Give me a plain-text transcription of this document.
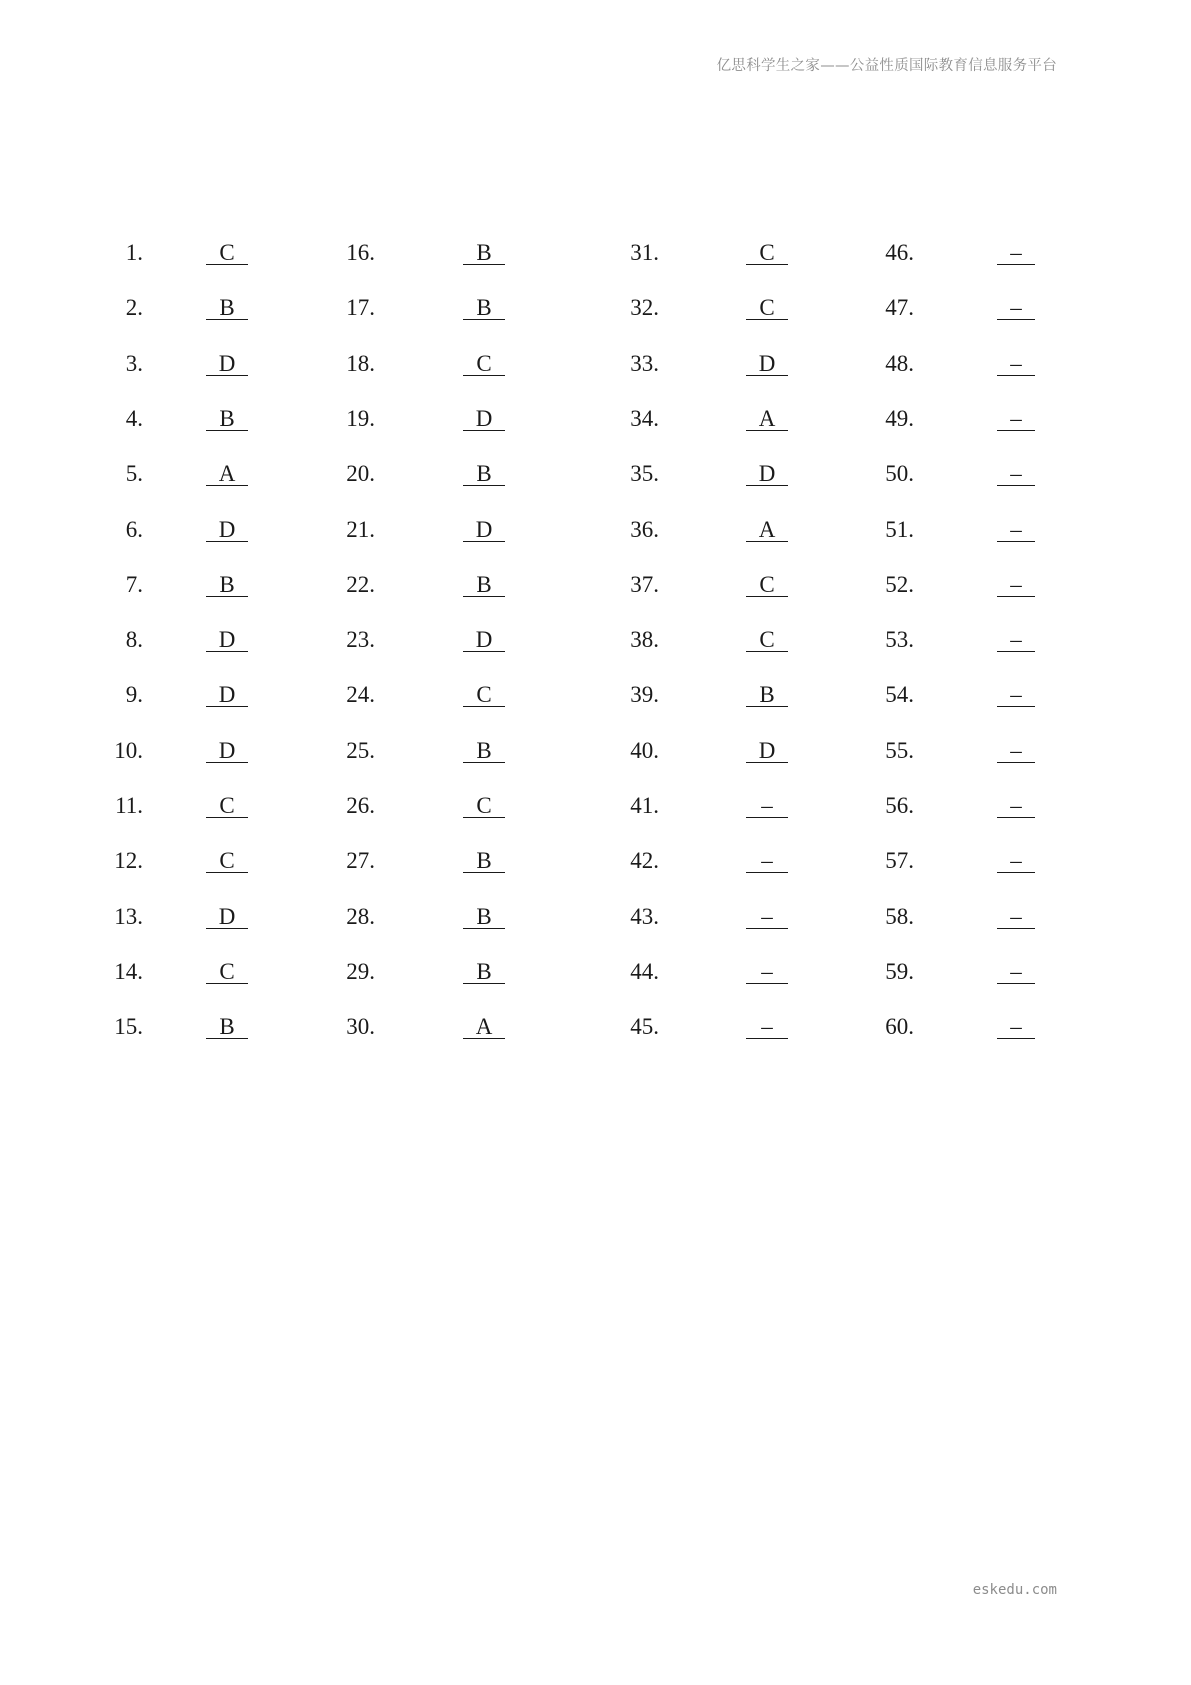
亿思科学生之家——公益性质国际教育信息服务平台
1.	C
2.	B
3.	D
4.	B
5.	A
6.	D
7.	B
8.	D
9.	D
10.	D
11.	C
12.	C
13.	D
14.	C
15.	B
16.	B
17.	B
18.	C
19.	D
20.	B
21.	D
22.	B
23.	D
24.	C
25.	B
26.	C
27.	B
28.	B
29.	B
30.	A
31.	C
32.	C
33.	D
34.	A
35.	D
36.	A
37.	C
38.	C
39.	B
40.	D
41.	–
42.	–
43.	–
44.	–
45.	–
46.	–
47.	–
48.	–
49.	–
50.	–
51.	–
52.	–
53.	–
54.	–
55.	–
56.	–
57.	–
58.	–
59.	–
60.	–
eskedu.com
